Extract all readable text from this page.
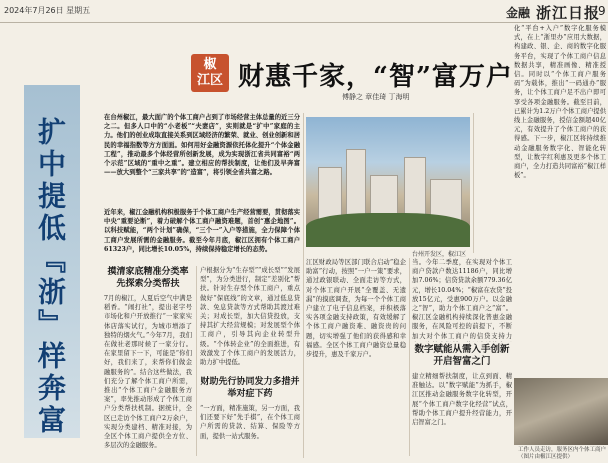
2024年7月26日 星期五	金融 浙江日报
9
扩中提低『浙』样奔富
椒
江区 财惠千家，“智”富万户
傅静之 章佳琦 丁海明
在台州椒江，最大面广的个体工商户占到了市场经营主体总量的近三分之二。但多人口中的“小老板”“夫妻店”，实则就是“扩中”家庭的主力。他们的创业成取直接关系到区域经济的繁荣、就业、创业创新和居民的幸福指数等方方面面。如何用好金融资源依托体化提升“个体金融工程”，推动最多个体经营所创新发展，成为实现浙江省共同富裕“两个示范”区域的“重中之重”。建立相应的帮扶制度，让他们及早奔富——放大到整个“三家共享”的“造富”，将引领全省共富之路。
近年来，椒江金融机构积极服务于个体工商户生产经营需要，贯彻落实中央“重要论断”，着力破解个体工商户融资难题，首创“惠企地图”。以科技赋能，“两个计划”确保，“三个一”入户等措施，全力保障个体工商户发展所需的金融服务。截至今年月底，椒江区拥有个体工商户61323户，同比增长10.05%，持续保持稳定增长的态势。
摸清家底精准分类率先探索分类帮扶
7月的椒江，人夏后空气中满是稻香。“闹打社”，提出老字号市场化和户开放推行“一家家实体店落实试行，为城市增添了独特的烟火气。”今年7月，我们在做社老那时候了一家分行。在家里留下一下，可能是“你们好，我们来了，来帮你们做金融服务的”。结合这些做法，我们充分了解个体工商户所需，推出“个体工商户金融服务方案”，率先推动形成了个体工商户分类帮扶机制。据统计，全区已走访个体工商户2万余户，实现分类建档、精准对接，为全区个体工商户提供全方位、多层次的金融服务。
户根据分为“生存型”“成长型”“发展型”，为分类进行，制定“差别化”帮扶。针对生存型个体工商户，重点做好“保底线”的文章，通过低息贷款、免息贷款等方式帮助其渡过难关；对成长型，加大信贷投放，支持其扩大经营规模；对发展型个体工商户，引导其向企业转型升级。“个体转企业”的全面推进，有效激发了个体工商户的发展活力，助力扩中提低。
财助先行协同发力多措并举对症下药
“一方面，精准施策，另一方面，我们还要下好“先手棋”，在个体工商户所需的贷款、结算、保险等方面，提供一站式服务。
台州开发区，椒江区
江区财政局等区部门联合启动“稳企助富”行动，按照“一户一策”要求，通过政银联动、全面走访等方式，对个体工商户开展“全覆盖、无遗漏”的摸底调查，为每一个个体工商户建立了电子信息档案，并积极落实各项金融支持政策，有效缓解了个体工商户融资难、融资贵的问题，切实增强了他们的获得感和幸福感。全区个体工商户融资总量稳步提升，惠及千家万户。
当。今年二季度，在实现对个体工商户贷款户数达11186户，同比增加7.06%；信贷贷款余额779.36亿元，增长10.04%；“椒富在农贷”投放15亿元，受惠900万户。以金融之“智”，助力个体工商户之“富”。椒江区金融机构持续深化普惠金融服务，在风险可控的前提下，不断加大对个体工商户的信贷支持力
数字赋能从需入手创新开启智富之门
建立精细帮扶制度，让点到面、精准触达。以“数字赋能”为抓手，椒江区推动金融服务数字化转型，开展“个体工商户数字化经营”试点，帮助个体工商户提升经营能力，开启智富之门。
化“平台+入户”数字化服务模式，在上“浙里办”应用大数据，构建政、银、企、商的数字化服务平台，实现了个体工商户信息数据共享，精准画像、精准授信。同时以“个体工商户服务码”为载体，推出“一码通办”服务，让个体工商户足不出户即可享受各项金融服务。截至目前，已累计为1.2万户个体工商户提供线上金融服务，授信金额超40亿元，有效提升了个体工商户的获得感。下一步，椒江区将持续推动金融服务数字化、智能化转型，让数字红利惠及更多个体工商户，全力打造共同富裕“椒江样板”。
工作人员走访，服务区内个体工商户（图片由椒江区提供）
